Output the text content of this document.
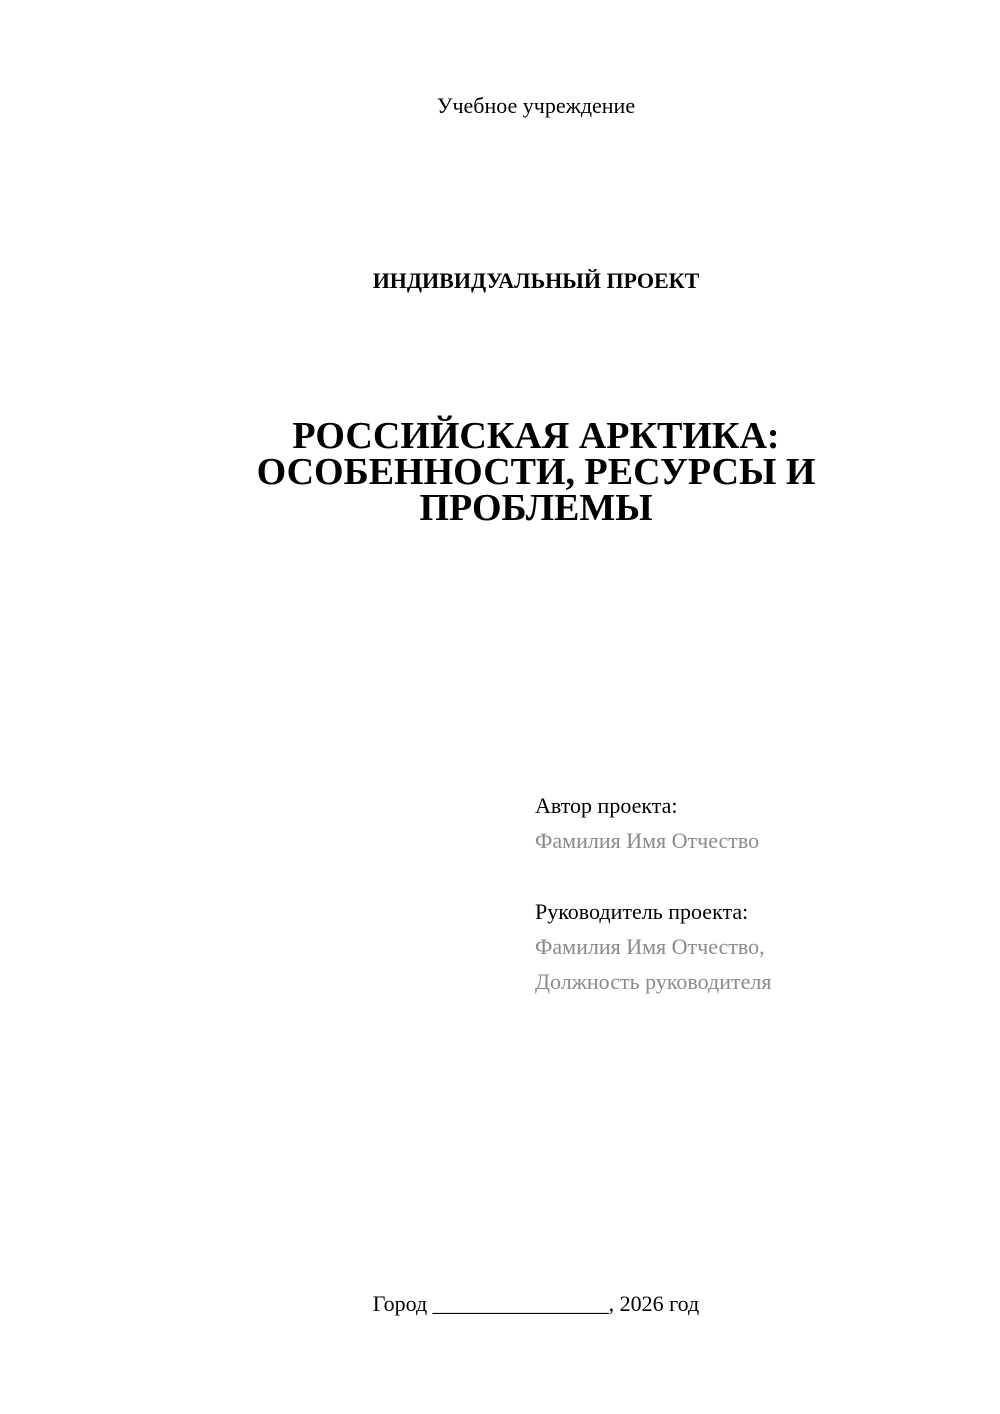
Учебное учреждение
ИНДИВИДУАЛЬНЫЙ ПРОЕКТ
РОССИЙСКАЯ АРКТИКА:
ОСОБЕННОСТИ, РЕСУРСЫ И
ПРОБЛЕМЫ
Автор проекта:
Фамилия Имя Отчество
Руководитель проекта:
Фамилия Имя Отчество,
Должность руководителя
Город ________________, 2026 год
